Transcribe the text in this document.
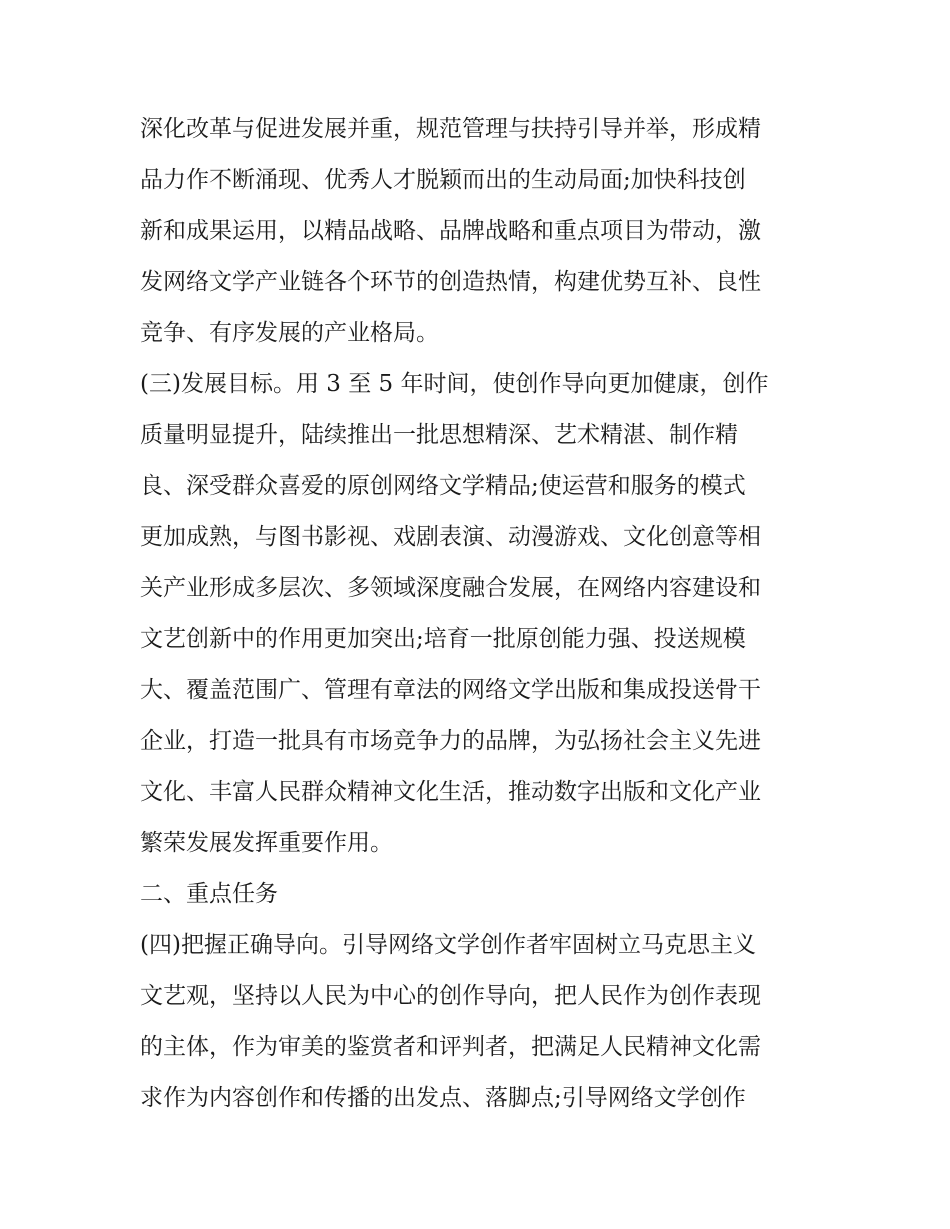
深化改革与促进发展并重，规范管理与扶持引导并举，形成精
品力作不断涌现、优秀人才脱颖而出的生动局面;加快科技创
新和成果运用，以精品战略、品牌战略和重点项目为带动，激
发网络文学产业链各个环节的创造热情，构建优势互补、良性
竞争、有序发展的产业格局。
(三)发展目标。用 3 至 5 年时间，使创作导向更加健康，创作
质量明显提升，陆续推出一批思想精深、艺术精湛、制作精
良、深受群众喜爱的原创网络文学精品;使运营和服务的模式
更加成熟，与图书影视、戏剧表演、动漫游戏、文化创意等相
关产业形成多层次、多领域深度融合发展，在网络内容建设和
文艺创新中的作用更加突出;培育一批原创能力强、投送规模
大、覆盖范围广、管理有章法的网络文学出版和集成投送骨干
企业，打造一批具有市场竞争力的品牌，为弘扬社会主义先进
文化、丰富人民群众精神文化生活，推动数字出版和文化产业
繁荣发展发挥重要作用。
二、重点任务
(四)把握正确导向。引导网络文学创作者牢固树立马克思主义
文艺观，坚持以人民为中心的创作导向，把人民作为创作表现
的主体，作为审美的鉴赏者和评判者，把满足人民精神文化需
求作为内容创作和传播的出发点、落脚点;引导网络文学创作
